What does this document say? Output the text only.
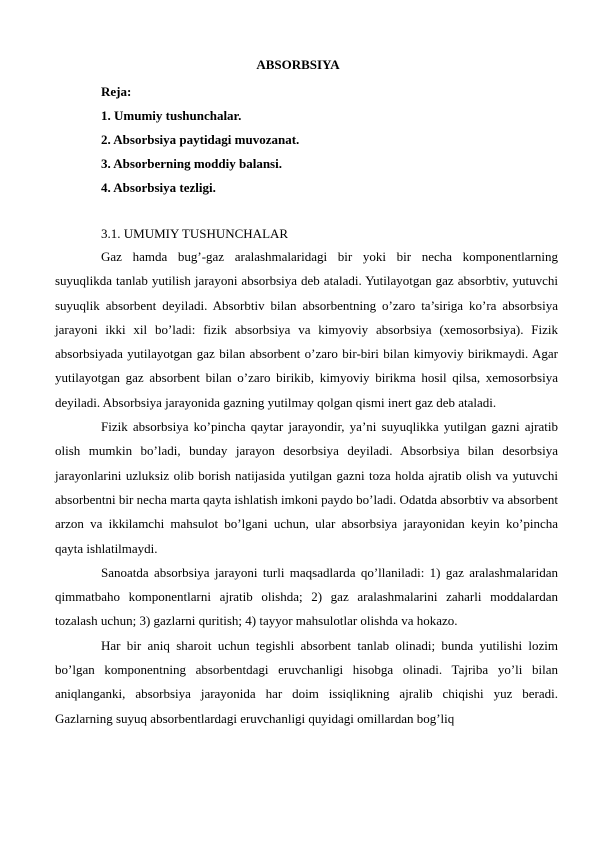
ABSORBSIYA
Reja:
1. Umumiy tushunchalar.
2. Absorbsiya paytidagi muvozanat.
3. Absorberning moddiy balansi.
4. Absorbsiya tezligi.
3.1. UMUMIY TUSHUNCHALAR

Gaz hamda bug’-gaz aralashmalaridagi bir yoki bir necha komponentlarning suyuqlikda tanlab yutilish jarayoni absorbsiya deb ataladi. Yutilayotgan gaz absorbtiv, yutuvchi suyuqlik absorbent deyiladi. Absorbtiv bilan absorbentning o’zaro ta’siriga ko’ra absorbsiya jarayoni ikki xil bo’ladi: fizik absorbsiya va kimyoviy absorbsiya (xemosorbsiya). Fizik absorbsiyada yutilayotgan gaz bilan absorbent o’zaro bir-biri bilan kimyoviy birikmaydi. Agar yutilayotgan gaz absorbent bilan o’zaro birikib, kimyoviy birikma hosil qilsa, xemosorbsiya deyiladi. Absorbsiya jarayonida gazning yutilmay qolgan qismi inert gaz deb ataladi.

Fizik absorbsiya ko’pincha qaytar jarayondir, ya’ni suyuqlikka yutilgan gazni ajratib olish mumkin bo’ladi, bunday jarayon desorbsiya deyiladi. Absorbsiya bilan desorbsiya jarayonlarini uzluksiz olib borish natijasida yutilgan gazni toza holda ajratib olish va yutuvchi absorbentni bir necha marta qayta ishlatish imkoni paydo bo’ladi. Odatda absorbtiv va absorbent arzon va ikkilamchi mahsulot bo’lgani uchun, ular absorbsiya jarayonidan keyin ko’pincha qayta ishlatilmaydi.

Sanoatda absorbsiya jarayoni turli maqsadlarda qo’llaniladi: 1) gaz aralashmalaridan qimmatbaho komponentlarni ajratib olishda; 2) gaz aralashmalarini zaharli moddalardan tozalash uchun; 3) gazlarni quritish; 4) tayyor mahsulotlar olishda va hokazo.

Har bir aniq sharoit uchun tegishli absorbent tanlab olinadi; bunda yutilishi lozim bo’lgan komponentning absorbentdagi eruvchanligi hisobga olinadi. Tajriba yo’li bilan aniqlanganki, absorbsiya jarayonida har doim issiqlikning ajralib chiqishi yuz beradi. Gazlarning suyuq absorbentlardagi eruvchanligi quyidagi omillardan bog’liq
